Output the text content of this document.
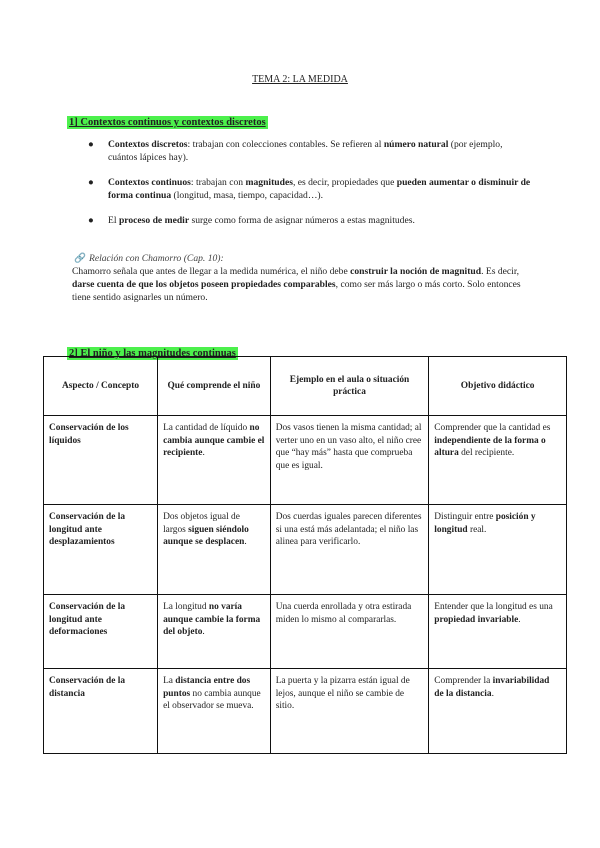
TEMA 2: LA MEDIDA
1] Contextos continuos y contextos discretos
● Contextos discretos: trabajan con colecciones contables. Se refieren al número natural (por ejemplo, cuántos lápices hay).
● Contextos continuos: trabajan con magnitudes, es decir, propiedades que pueden aumentar o disminuir de forma continua (longitud, masa, tiempo, capacidad…).
● El proceso de medir surge como forma de asignar números a estas magnitudes.
🔗 Relación con Chamorro (Cap. 10):
Chamorro señala que antes de llegar a la medida numérica, el niño debe construir la noción de magnitud. Es decir, darse cuenta de que los objetos poseen propiedades comparables, como ser más largo o más corto. Solo entonces tiene sentido asignarles un número.
2] El niño y las magnitudes continuas
Aspecto / Concepto	Qué comprende el niño	Ejemplo en el aula o situación práctica	Objetivo didáctico
Conservación de los líquidos	La cantidad de líquido no cambia aunque cambie el recipiente.	Dos vasos tienen la misma cantidad; al verter uno en un vaso alto, el niño cree que “hay más” hasta que comprueba que es igual.	Comprender que la cantidad es independiente de la forma o altura del recipiente.
Conservación de la longitud ante desplazamientos	Dos objetos igual de largos siguen siéndolo aunque se desplacen.	Dos cuerdas iguales parecen diferentes si una está más adelantada; el niño las alinea para verificarlo.	Distinguir entre posición y longitud real.
Conservación de la longitud ante deformaciones	La longitud no varía aunque cambie la forma del objeto.	Una cuerda enrollada y otra estirada miden lo mismo al compararlas.	Entender que la longitud es una propiedad invariable.
Conservación de la distancia	La distancia entre dos puntos no cambia aunque el observador se mueva.	La puerta y la pizarra están igual de lejos, aunque el niño se cambie de sitio.	Comprender la invariabilidad de la distancia.
